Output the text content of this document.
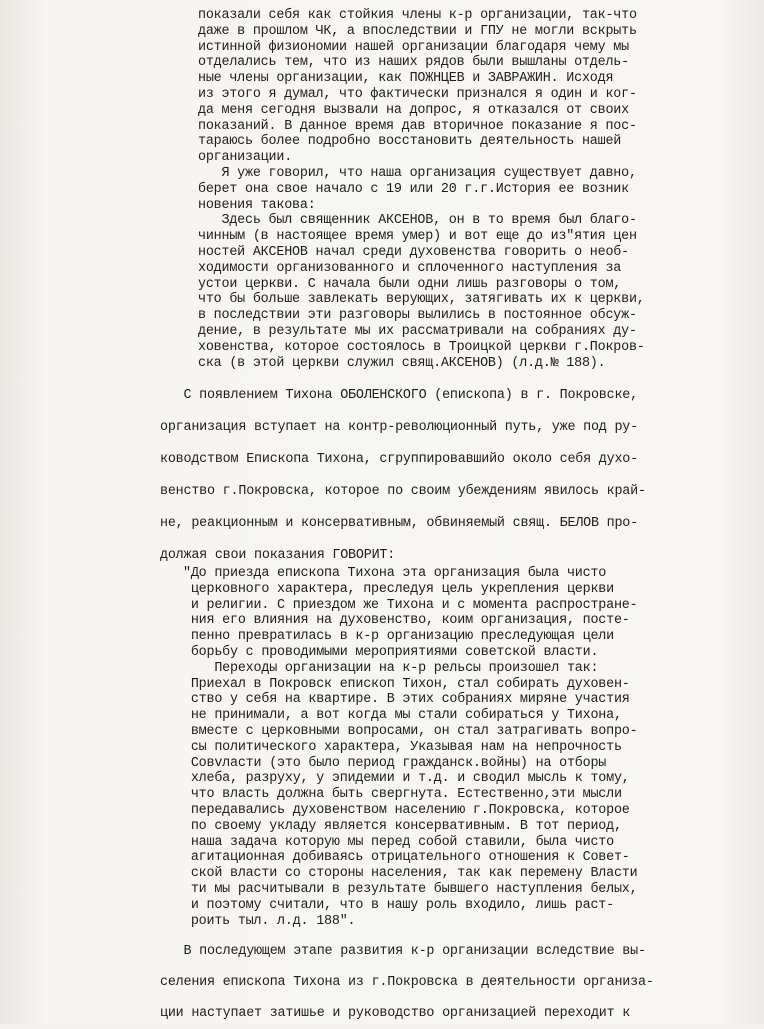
показали себя как стойкия члены к-р организации, так-что
даже в прошлом ЧК, а впоследствии и ГПУ не могли вскрыть
истинной физиономии нашей организации благодаря чему мы
отделались тем, что из наших рядов были вышланы отдель-
ные члены организации, как ПОЖНЦЕВ и ЗАВРАЖИН. Исходя
из этого я думал, что фактически признался я один и ког-
да меня сегодня вызвали на допрос, я отказался от своих
показаний. В данное время дав вторичное показание я пос-
тараюсь более подробно восстановить деятельность нашей
организации.
Я уже говорил, что наша организация существует давно,
берет она свое начало с 19 или 20 г.г.История ее возник
новения такова:
Здесь был священник АКСЕНОВ, он в то время был благо-
чинным (в настоящее время умер) и вот еще до из"ятия цен
ностей АКСЕНОВ начал среди духовенства говорить о необ-
ходимости организованного и сплоченного наступления за
устои церкви. С начала были одни лишь разговоры о том,
что бы больше завлекать верующих, затягивать их к церкви,
в последствии эти разговоры вылились в постоянное обсуж-
дение, в результате мы их рассматривали на собраниях ду-
ховенства, которое состоялось в Троицкой церкви г.Покров-
ска (в этой церкви служил свящ.АКСЕНОВ) (л.д.№ 188).
С появлением Тихона ОБОЛЕНСКОГО (епископа) в г. Покровске,
организация вступает на контр-революционный путь, уже под ру-
ководством Епископа Тихона, сгруппировавшийо около себя духо-
венство г.Покровска, которое по своим убеждениям явилось край-
не, реакционным и консервативным, обвиняемый свящ. БЕЛОВ про-
должая свои показания ГОВОРИТ:
"До приезда епископа Тихона эта организация была чисто
церковного характера, преследуя цель укрепления церкви
и религии. С приездом же Тихона и с момента распростране-
ния его влияния на духовенство, коим организация, посте-
пенно превратилась в к-р организацию преследующая цели
борьбу с проводимыми мероприятиями советской власти.
Переходы организации на к-р рельсы произошел так:
Приехал в Покровск епископ Тихон, стал собирать духовен-
ство у себя на квартире. В этих собраниях миряне участия
не принимали, а вот когда мы стали собираться у Тихона,
вместе с церковными вопросами, он стал затрагивать вопро-
сы политического характера, Указывая нам на непрочность
Совvласти (это было период гражданск.войны) на отборы
хлеба, разруху, у эпидемии и т.д. и сводил мысль к тому,
что власть должна быть свергнута. Естественно,эти мысли
передавались духовенством населению г.Покровска, которое
по своему укладу является консервативным. В тот период,
наша задача которую мы перед собой ставили, была чисто
агитационная добиваясь отрицательного отношения к Совет-
ской власти со стороны населения, так как перемену Власти
ти мы расчитывали в результате бывшего наступления белых,
и поэтому считали, что в нашу роль входило, лишь раст-
роить тыл. л.д. 188".
В последующем этапе развития к-р организации вследствие вы-
селения епископа Тихона из г.Покровска в деятельности организа-
ции наступает затишье и руководство организацией переходит к
